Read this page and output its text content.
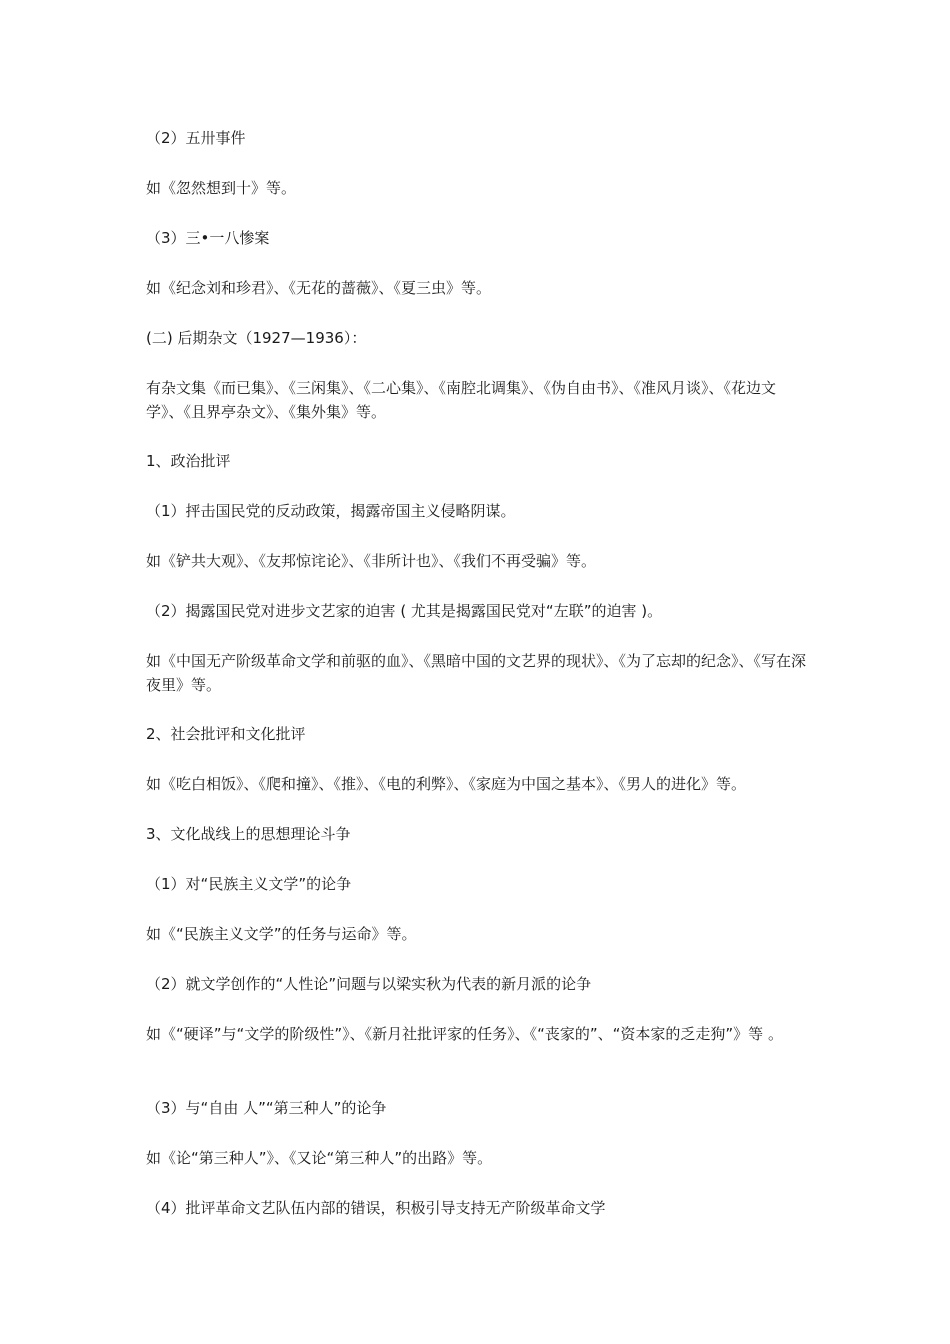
（2）五卅事件
如《忽然想到十》等。
（3）三•一八惨案
如《纪念刘和珍君》、《无花的蔷薇》、《夏三虫》等。
(二) 后期杂文（1927—1936）：
有杂文集《而已集》、《三闲集》、《二心集》、《南腔北调集》、《伪自由书》、《准风月谈》、《花边文学》、《且界亭杂文》、《集外集》等。
1、政治批评
（1）抨击国民党的反动政策，揭露帝国主义侵略阴谋。
如《铲共大观》、《友邦惊诧论》、《非所计也》、《我们不再受骗》等。
（2）揭露国民党对进步文艺家的迫害 ( 尤其是揭露国民党对“左联”的迫害 )。
如《中国无产阶级革命文学和前驱的血》、《黑暗中国的文艺界的现状》、《为了忘却的纪念》、《写在深夜里》等。
2、社会批评和文化批评
如《吃白相饭》、《爬和撞》、《推》、《电的利弊》、《家庭为中国之基本》、《男人的进化》等。
3、文化战线上的思想理论斗争
（1）对“民族主义文学”的论争
如《“民族主义文学”的任务与运命》等。
（2）就文学创作的“人性论”问题与以梁实秋为代表的新月派的论争
如《“硬译”与“文学的阶级性”》、《新月社批评家的任务》、《“丧家的”、“资本家的乏走狗”》等 。
（3）与“自由 人”“第三种人”的论争
如《论“第三种人”》、《又论“第三种人”的出路》等。
（4）批评革命文艺队伍内部的错误，积极引导支持无产阶级革命文学
